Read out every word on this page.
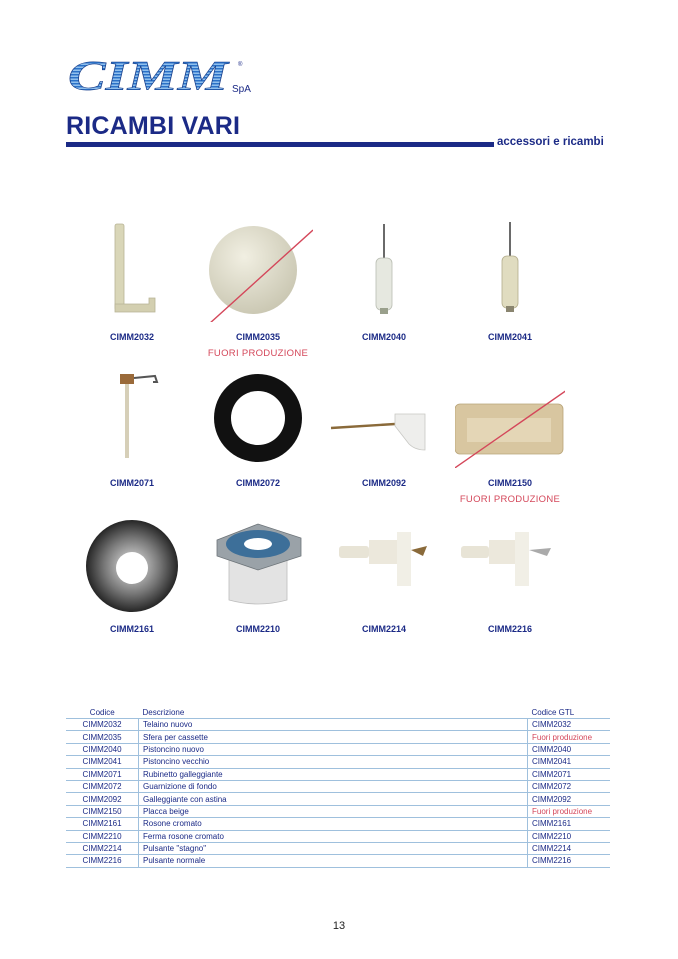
CIMM ®
SpA
RICAMBI VARI
accessori e ricambi
CIMM2032	CIMM2035
FUORI PRODUZIONE
CIMM2040	CIMM2041
CIMM2071	CIMM2072	CIMM2092	CIMM2150
FUORI PRODUZIONE
CIMM2161	CIMM2210	CIMM2214	CIMM2216
Codice	Descrizione	Codice GTL
CIMM2032	Telaino nuovo	CIMM2032
CIMM2035	Sfera per cassette	Fuori produzione
CIMM2040	Pistoncino nuovo	CIMM2040
CIMM2041	Pistoncino vecchio	CIMM2041
CIMM2071	Rubinetto galleggiante	CIMM2071
CIMM2072	Guarnizione di fondo	CIMM2072
CIMM2092	Galleggiante con astina	CIMM2092
CIMM2150	Placca beige	Fuori produzione
CIMM2161	Rosone cromato	CIMM2161
CIMM2210	Ferma rosone cromato	CIMM2210
CIMM2214	Pulsante "stagno"	CIMM2214
CIMM2216	Pulsante normale	CIMM2216
13
